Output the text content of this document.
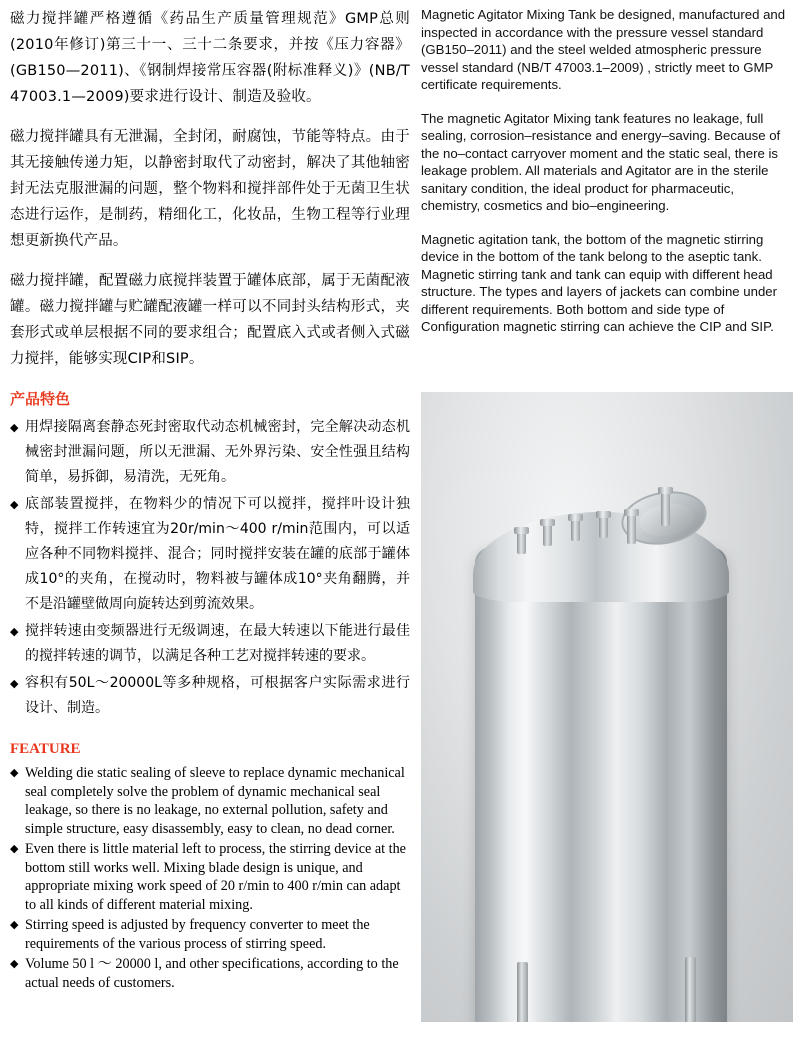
磁力搅拌罐严格遵循《药品生产质量管理规范》GMP总则(2010年修订)第三十一、三十二条要求，并按《压力容器》(GB150—2011)、《钢制焊接常压容器(附标准释义)》(NB/T 47003.1—2009)要求进行设计、制造及验收。

磁力搅拌罐具有无泄漏，全封闭，耐腐蚀，节能等特点。由于其无接触传递力矩，以静密封取代了动密封，解决了其他轴密封无法克服泄漏的问题，整个物料和搅拌部件处于无菌卫生状态进行运作，是制药，精细化工，化妆品，生物工程等行业理想更新换代产品。

磁力搅拌罐，配置磁力底搅拌装置于罐体底部，属于无菌配液罐。磁力搅拌罐与贮罐配液罐一样可以不同封头结构形式，夹套形式或单层根据不同的要求组合；配置底入式或者侧入式磁力搅拌，能够实现CIP和SIP。

产品特色
◆ 用焊接隔离套静态死封密取代动态机械密封，完全解决动态机械密封泄漏问题，所以无泄漏、无外界污染、安全性强且结构简单，易拆御，易清洗，无死角。
◆ 底部装置搅拌，在物料少的情况下可以搅拌，搅拌叶设计独特，搅拌工作转速宜为20r/min～400 r/min范围内，可以适应各种不同物料搅拌、混合；同时搅拌安装在罐的底部于罐体成10°的夹角，在搅动时，物料被与罐体成10°夹角翻腾，并不是沿罐壁做周向旋转达到剪流效果。
◆ 搅拌转速由变频器进行无级调速，在最大转速以下能进行最佳的搅拌转速的调节，以满足各种工艺对搅拌转速的要求。
◆ 容积有50L～20000L等多种规格，可根据客户实际需求进行设计、制造。
FEATURE
◆ Welding die static sealing of sleeve to replace dynamic mechanical seal completely solve the problem of dynamic mechanical seal leakage, so there is no leakage, no external pollution, safety and simple structure, easy disassembly, easy to clean, no dead corner.
◆ Even there is little material left to process, the stirring device at the bottom still works well. Mixing blade design is unique, and appropriate mixing work speed of 20 r/min to 400 r/min can adapt to all kinds of different material mixing.
◆ Stirring speed is adjusted by frequency converter to meet the requirements of the various process of stirring speed.
◆ Volume 50 l ～ 20000 l, and other specifications, according to the actual needs of customers.

Magnetic Agitator Mixing Tank be designed, manufactured and inspected in accordance with the pressure vessel standard (GB150–2011) and the steel welded atmospheric pressure vessel standard (NB/T 47003.1–2009) , strictly meet to GMP certificate requirements.

The magnetic Agitator Mixing tank features no leakage, full sealing, corrosion–resistance and energy–saving. Because of the no–contact carryover moment and the static seal, there is leakage problem. All materials and Agitator are in the sterile sanitary condition, the ideal product for pharmaceutic, chemistry, cosmetics and bio–engineering.

Magnetic agitation tank, the bottom of the magnetic stirring device in the bottom of the tank belong to the aseptic tank. Magnetic stirring tank and tank can equip with different head structure. The types and layers of jackets can combine under different requirements. Both bottom and side type of Configuration magnetic stirring can achieve the CIP and SIP.
